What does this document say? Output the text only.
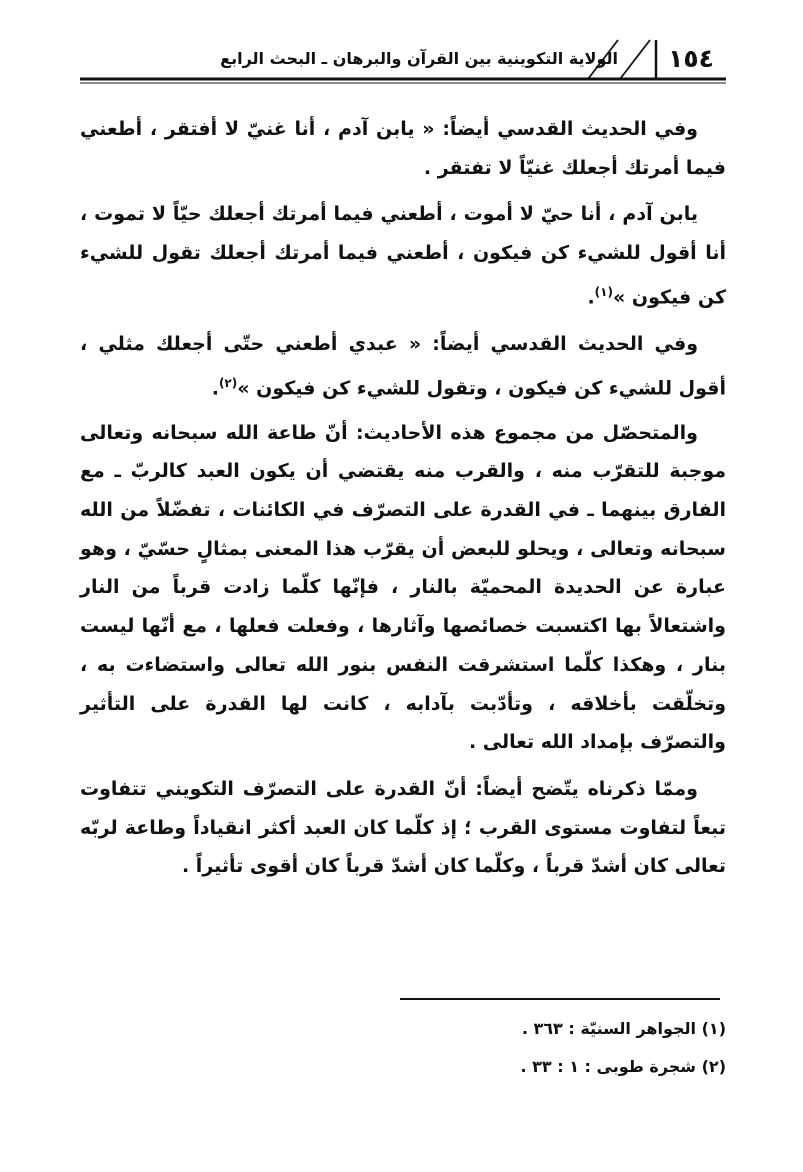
الولاية التكوينية بين القرآن والبرهان ـ البحث الرابع	١٥٤

وفي الحديث القدسي أيضاً: « يابن آدم ، أنا غنيّ لا أفتقر ، أطعني فيما أمرتك أجعلك غنيّاً لا تفتقر .

يابن آدم ، أنا حيّ لا أموت ، أطعني فيما أمرتك أجعلك حيّاً لا تموت ، أنا أقول للشيء كن فيكون ، أطعني فيما أمرتك أجعلك تقول للشيء كن فيكون »$^{(١)}$.

وفي الحديث القدسي أيضاً: « عبدي أطعني حتّى أجعلك مثلي ، أقول للشيء كن فيكون ، وتقول للشيء كن فيكون »$^{(٢)}$.

والمتحصّل من مجموع هذه الأحاديث: أنّ طاعة الله سبحانه وتعالى موجبة للتقرّب منه ، والقرب منه يقتضي أن يكون العبد كالربّ ـ مع الفارق بينهما ـ في القدرة على التصرّف في الكائنات ، تفضّلاً من الله سبحانه وتعالى ، ويحلو للبعض أن يقرّب هذا المعنى بمثالٍ حسّيّ ، وهو عبارة عن الحديدة المحميّة بالنار ، فإنّها كلّما زادت قرباً من النار واشتعالاً بها اكتسبت خصائصها وآثارها ، وفعلت فعلها ، مع أنّها ليست بنار ، وهكذا كلّما استشرقت النفس بنور الله تعالى واستضاءت به ، وتخلّقت بأخلاقه ، وتأدّبت بآدابه ، كانت لها القدرة على التأثير والتصرّف بإمداد الله تعالى .

وممّا ذكرناه يتّضح أيضاً: أنّ القدرة على التصرّف التكويني تتفاوت تبعاً لتفاوت مستوى القرب ؛ إذ كلّما كان العبد أكثر انقياداً وطاعة لربّه تعالى كان أشدّ قرباً ، وكلّما كان أشدّ قرباً كان أقوى تأثيراً .

(١) الجواهر السنيّة : ٣٦٣ .

(٢) شجرة طوبى : ١ : ٣٣ .
